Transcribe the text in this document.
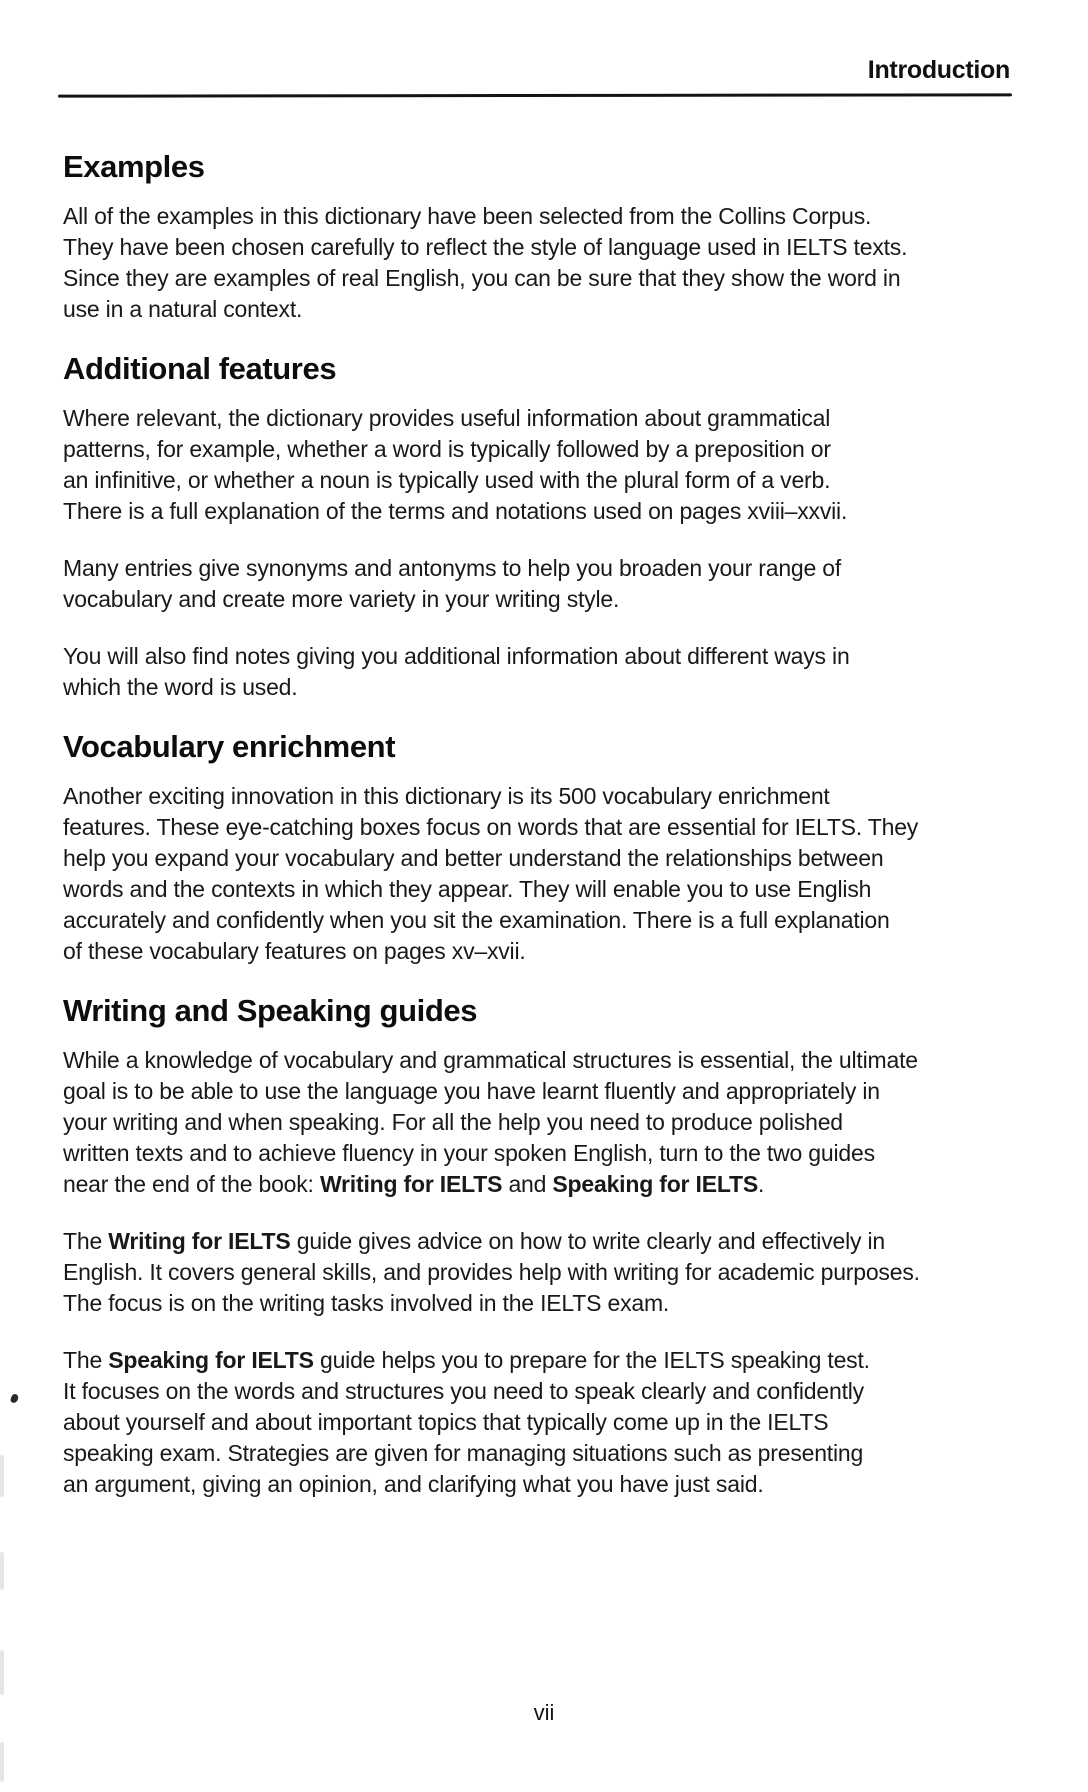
Introduction
Examples

All of the examples in this dictionary have been selected from the Collins Corpus.
They have been chosen carefully to reflect the style of language used in IELTS texts.
Since they are examples of real English, you can be sure that they show the word in
use in a natural context.

Additional features

Where relevant, the dictionary provides useful information about grammatical
patterns, for example, whether a word is typically followed by a preposition or
an infinitive, or whether a noun is typically used with the plural form of a verb.
There is a full explanation of the terms and notations used on pages xviii–xxvii.

Many entries give synonyms and antonyms to help you broaden your range of
vocabulary and create more variety in your writing style.

You will also find notes giving you additional information about different ways in
which the word is used.

Vocabulary enrichment

Another exciting innovation in this dictionary is its 500 vocabulary enrichment
features. These eye-catching boxes focus on words that are essential for IELTS. They
help you expand your vocabulary and better understand the relationships between
words and the contexts in which they appear. They will enable you to use English
accurately and confidently when you sit the examination. There is a full explanation
of these vocabulary features on pages xv–xvii.

Writing and Speaking guides

While a knowledge of vocabulary and grammatical structures is essential, the ultimate
goal is to be able to use the language you have learnt fluently and appropriately in
your writing and when speaking. For all the help you need to produce polished
written texts and to achieve fluency in your spoken English, turn to the two guides
near the end of the book: Writing for IELTS and Speaking for IELTS.

The Writing for IELTS guide gives advice on how to write clearly and effectively in
English. It covers general skills, and provides help with writing for academic purposes.
The focus is on the writing tasks involved in the IELTS exam.

The Speaking for IELTS guide helps you to prepare for the IELTS speaking test.
It focuses on the words and structures you need to speak clearly and confidently
about yourself and about important topics that typically come up in the IELTS
speaking exam. Strategies are given for managing situations such as presenting
an argument, giving an opinion, and clarifying what you have just said.

vii
